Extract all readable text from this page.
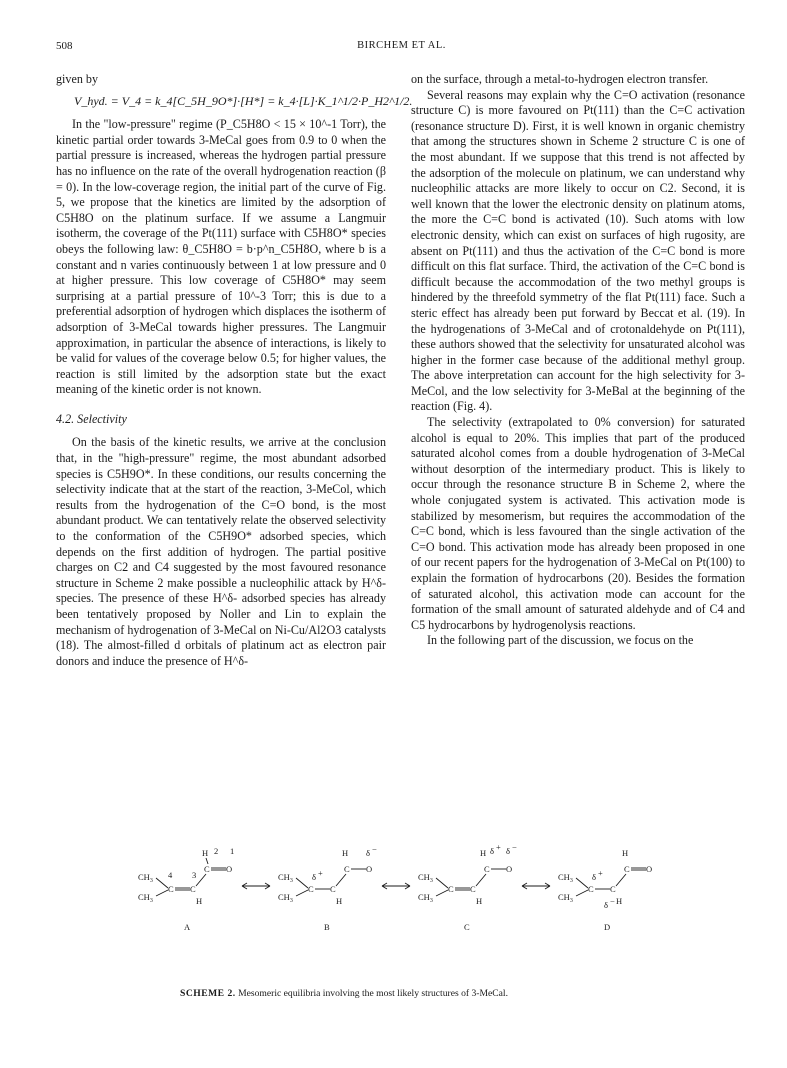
508	BIRCHEM ET AL.

given by

V_hyd. = V_4 = k_4[C_5H_9O*]·[H*] = k_4·[L]·K_1^1/2·P_H2^1/2.

In the "low-pressure" regime (P_C5H8O < 15 × 10^-1 Torr), the kinetic partial order towards 3-MeCal goes from 0.9 to 0 when the partial pressure is increased, whereas the hydrogen partial pressure has no influence on the rate of the overall hydrogenation reaction (β = 0). In the low-coverage region, the initial part of the curve of Fig. 5, we propose that the kinetics are limited by the adsorption of C5H8O on the platinum surface. If we assume a Langmuir isotherm, the coverage of the Pt(111) surface with C5H8O* species obeys the following law: θ_C5H8O = b·p^n_C5H8O, where b is a constant and n varies continuously between 1 at low pressure and 0 at higher pressure. This low coverage of C5H8O* may seem surprising at a partial pressure of 10^-3 Torr; this is due to a preferential adsorption of hydrogen which displaces the isotherm of adsorption of 3-MeCal towards higher pressures. The Langmuir approximation, in particular the absence of interactions, is likely to be valid for values of the coverage below 0.5; for higher values, the reaction is still limited by the adsorption state but the exact meaning of the kinetic order is not known.

4.2. Selectivity

On the basis of the kinetic results, we arrive at the conclusion that, in the "high-pressure" regime, the most abundant adsorbed species is C5H9O*. In these conditions, our results concerning the selectivity indicate that at the start of the reaction, 3-MeCol, which results from the hydrogenation of the C=O bond, is the most abundant product. We can tentatively relate the observed selectivity to the conformation of the C5H9O* adsorbed species, which depends on the first addition of hydrogen. The partial positive charges on C2 and C4 suggested by the most favoured resonance structure in Scheme 2 make possible a nucleophilic attack by H^δ- species. The presence of these H^δ- adsorbed species has already been tentatively proposed by Noller and Lin to explain the mechanism of hydrogenation of 3-MeCal on Ni-Cu/Al2O3 catalysts (18). The almost-filled d orbitals of platinum act as electron pair donors and induce the presence of H^δ-

on the surface, through a metal-to-hydrogen electron transfer.

Several reasons may explain why the C=O activation (resonance structure C) is more favoured on Pt(111) than the C=C activation (resonance structure D). First, it is well known in organic chemistry that among the structures shown in Scheme 2 structure C is one of the most abundant. If we suppose that this trend is not affected by the adsorption of the molecule on platinum, we can understand why nucleophilic attacks are more likely to occur on C2. Second, it is well known that the lower the electronic density on platinum atoms, the more the C=C bond is activated (10). Such atoms with low electronic density, which can exist on surfaces of high rugosity, are absent on Pt(111) and thus the activation of the C=C bond is more difficult on this flat surface. Third, the activation of the C=C bond is difficult because the accommodation of the two methyl groups is hindered by the threefold symmetry of the flat Pt(111) face. Such a steric effect has already been put forward by Beccat et al. (19). In the hydrogenations of 3-MeCal and of crotonaldehyde on Pt(111), these authors showed that the selectivity for unsaturated alcohol was higher in the former case because of the additional methyl group. The above interpretation can account for the high selectivity for 3-MeCol, and the low selectivity for 3-MeBal at the beginning of the reaction (Fig. 4).

The selectivity (extrapolated to 0% conversion) for saturated alcohol is equal to 20%. This implies that part of the produced saturated alcohol comes from a double hydrogenation of 3-MeCal without desorption of the intermediary product. This is likely to occur through the resonance structure B in Scheme 2, where the whole conjugated system is activated. This activation mode is stabilized by mesomerism, but requires the accommodation of the C=C bond, which is less favoured than the single activation of the C=O bond. This activation mode has already been proposed in one of our recent papers for the hydrogenation of 3-MeCal on Pt(100) to explain the formation of hydrocarbons (20). Besides the formation of saturated alcohol, this activation mode can account for the formation of the small amount of saturated aldehyde and of C4 and C5 hydrocarbons by hydrogenolysis reactions.

In the following part of the discussion, we focus on the

$CH_3$
$CH_3$
C C
H
C O
H
4 3
2 1
A
$CH_3$
$CH_3$
C
δ +
C
H
C O
H δ −
B
$CH_3$
$CH_3$
C C
H
C O
H δ + δ −
C
$CH_3$
$CH_3$
C
δ +
C
H
C O
H
δ −
D
SCHEME 2. Mesomeric equilibria involving the most likely structures of 3-MeCal.
